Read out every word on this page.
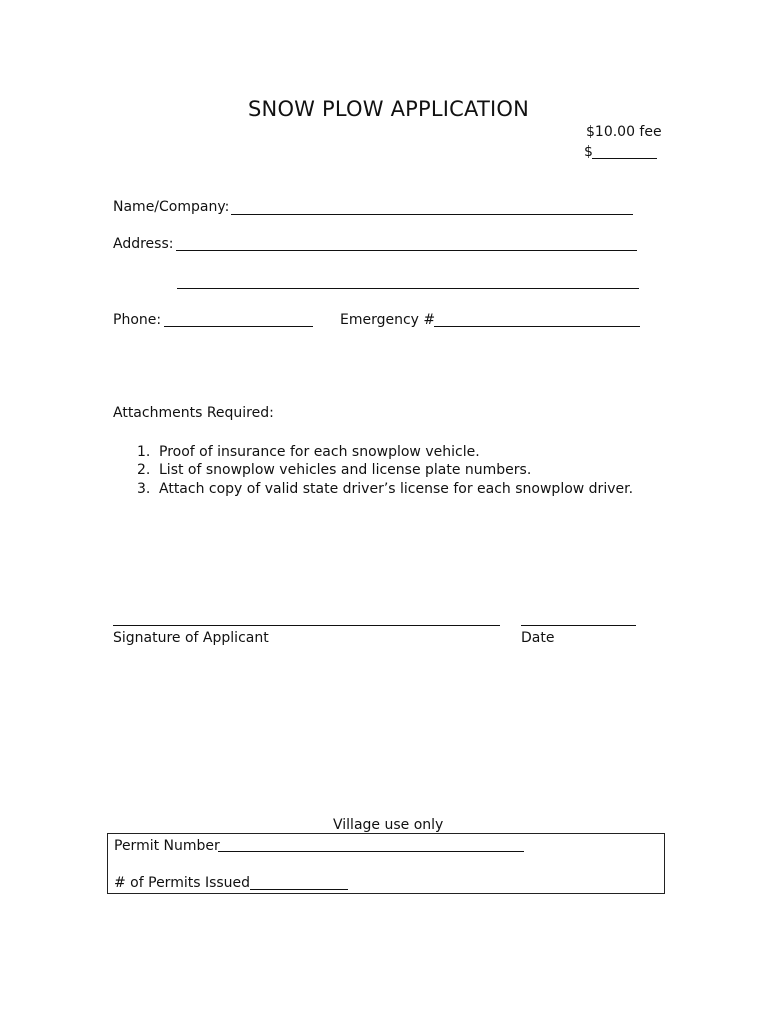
SNOW PLOW APPLICATION
$10.00 fee
$
Name/Company:
Address:
Phone:	Emergency #
Attachments Required:
1. Proof of insurance for each snowplow vehicle.
2. List of snowplow vehicles and license plate numbers.
3. Attach copy of valid state driver’s license for each snowplow driver.
Signature of Applicant	Date
Village use only
Permit Number
# of Permits Issued
